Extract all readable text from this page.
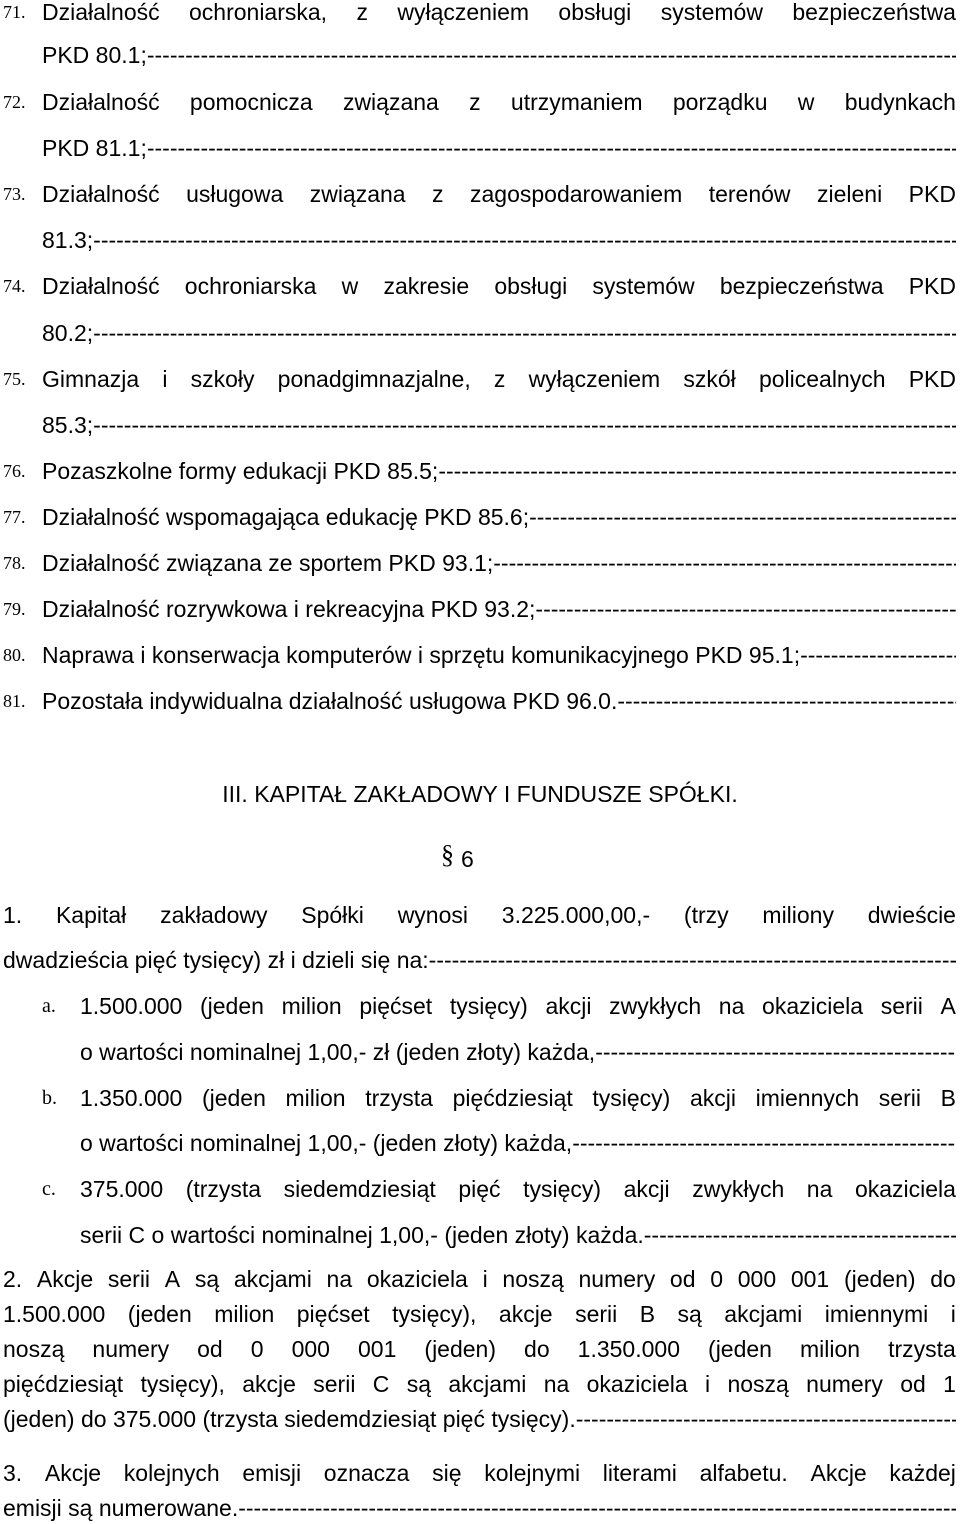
71. Działalność ochroniarska, z wyłączeniem obsługi systemów bezpieczeństwa
PKD 80.1;
-----
72. Działalność pomocnicza związana z utrzymaniem porządku w budynkach
PKD 81.1;
-----
73. Działalność usługowa związana z zagospodarowaniem terenów zieleni PKD
81.3;
-----
74. Działalność ochroniarska w zakresie obsługi systemów bezpieczeństwa PKD
80.2;
-----
75. Gimnazja i szkoły ponadgimnazjalne, z wyłączeniem szkół policealnych PKD
85.3;
-----
76. Pozaszkolne formy edukacji PKD 85.5;
-----
77. Działalność wspomagająca edukację PKD 85.6;
-----
78. Działalność związana ze sportem PKD 93.1;
-----
79. Działalność rozrywkowa i rekreacyjna PKD 93.2;
-----
80. Naprawa i konserwacja komputerów i sprzętu komunikacyjnego PKD 95.1;
-----
81. Pozostała indywidualna działalność usługowa PKD 96.0.
-----
III. KAPITAŁ ZAKŁADOWY I FUNDUSZE SPÓŁKI.
§ 6
1. Kapitał zakładowy Spółki wynosi 3.225.000,00,- (trzy miliony dwieście
dwadzieścia pięć tysięcy) zł i dzieli się na:
-----
a. 1.500.000 (jeden milion pięćset tysięcy) akcji zwykłych na okaziciela serii A
o wartości nominalnej 1,00,- zł (jeden złoty) każda,
-----
b. 1.350.000 (jeden milion trzysta pięćdziesiąt tysięcy) akcji imiennych serii B
o wartości nominalnej 1,00,- (jeden złoty) każda,
-----
c. 375.000 (trzysta siedemdziesiąt pięć tysięcy) akcji zwykłych na okaziciela
serii C o wartości nominalnej 1,00,- (jeden złoty) każda.
-----
2. Akcje serii A są akcjami na okaziciela i noszą numery od 0 000 001 (jeden) do
1.500.000 (jeden milion pięćset tysięcy), akcje serii B są akcjami imiennymi i
noszą numery od 0 000 001 (jeden) do 1.350.000 (jeden milion trzysta
pięćdziesiąt tysięcy), akcje serii C są akcjami na okaziciela i noszą numery od 1
(jeden) do 375.000 (trzysta siedemdziesiąt pięć tysięcy).
-----
3. Akcje kolejnych emisji oznacza się kolejnymi literami alfabetu. Akcje każdej
emisji są numerowane.
-----
